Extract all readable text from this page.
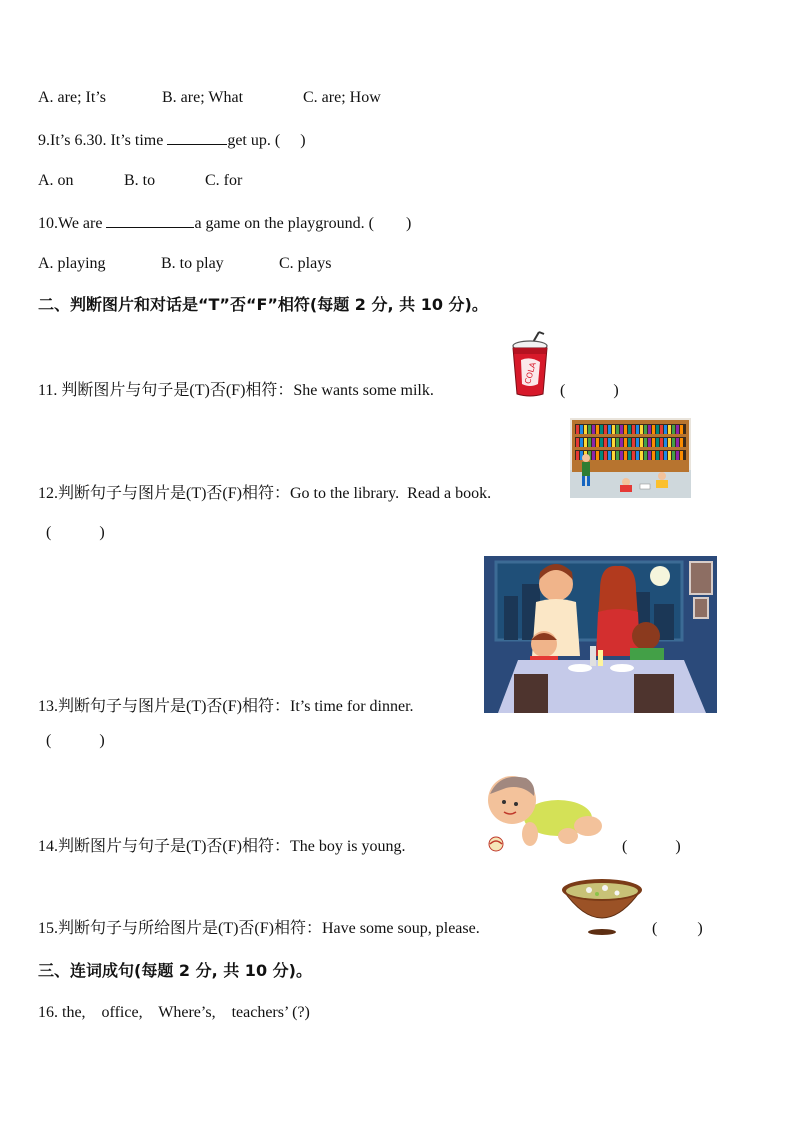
A. are; It’s	B. are; What	C. are; How
9.It’s 6.30. It’s time	get up. (     )
A. on	B. to	C. for
10.We are	a game on the playground. (        )
A. playing	B. to play	C. plays
二、判断图片和对话是“T”否“F”相符(每题 2 分, 共 10 分)。
11. 判断图片与句子是(T)否(F)相符：She wants some milk.	(            )
COLA
12.判断句子与图片是(T)否(F)相符：Go to the library.  Read a book.
(            )
13.判断句子与图片是(T)否(F)相符：It’s time for dinner.
(            )
14.判断图片与句子是(T)否(F)相符：The boy is young.	(            )
15.判断句子与所给图片是(T)否(F)相符：Have some soup, please.	(          )
三、连词成句(每题 2 分, 共 10 分)。
16. the,    office,    Where’s,    teachers’ (?)
